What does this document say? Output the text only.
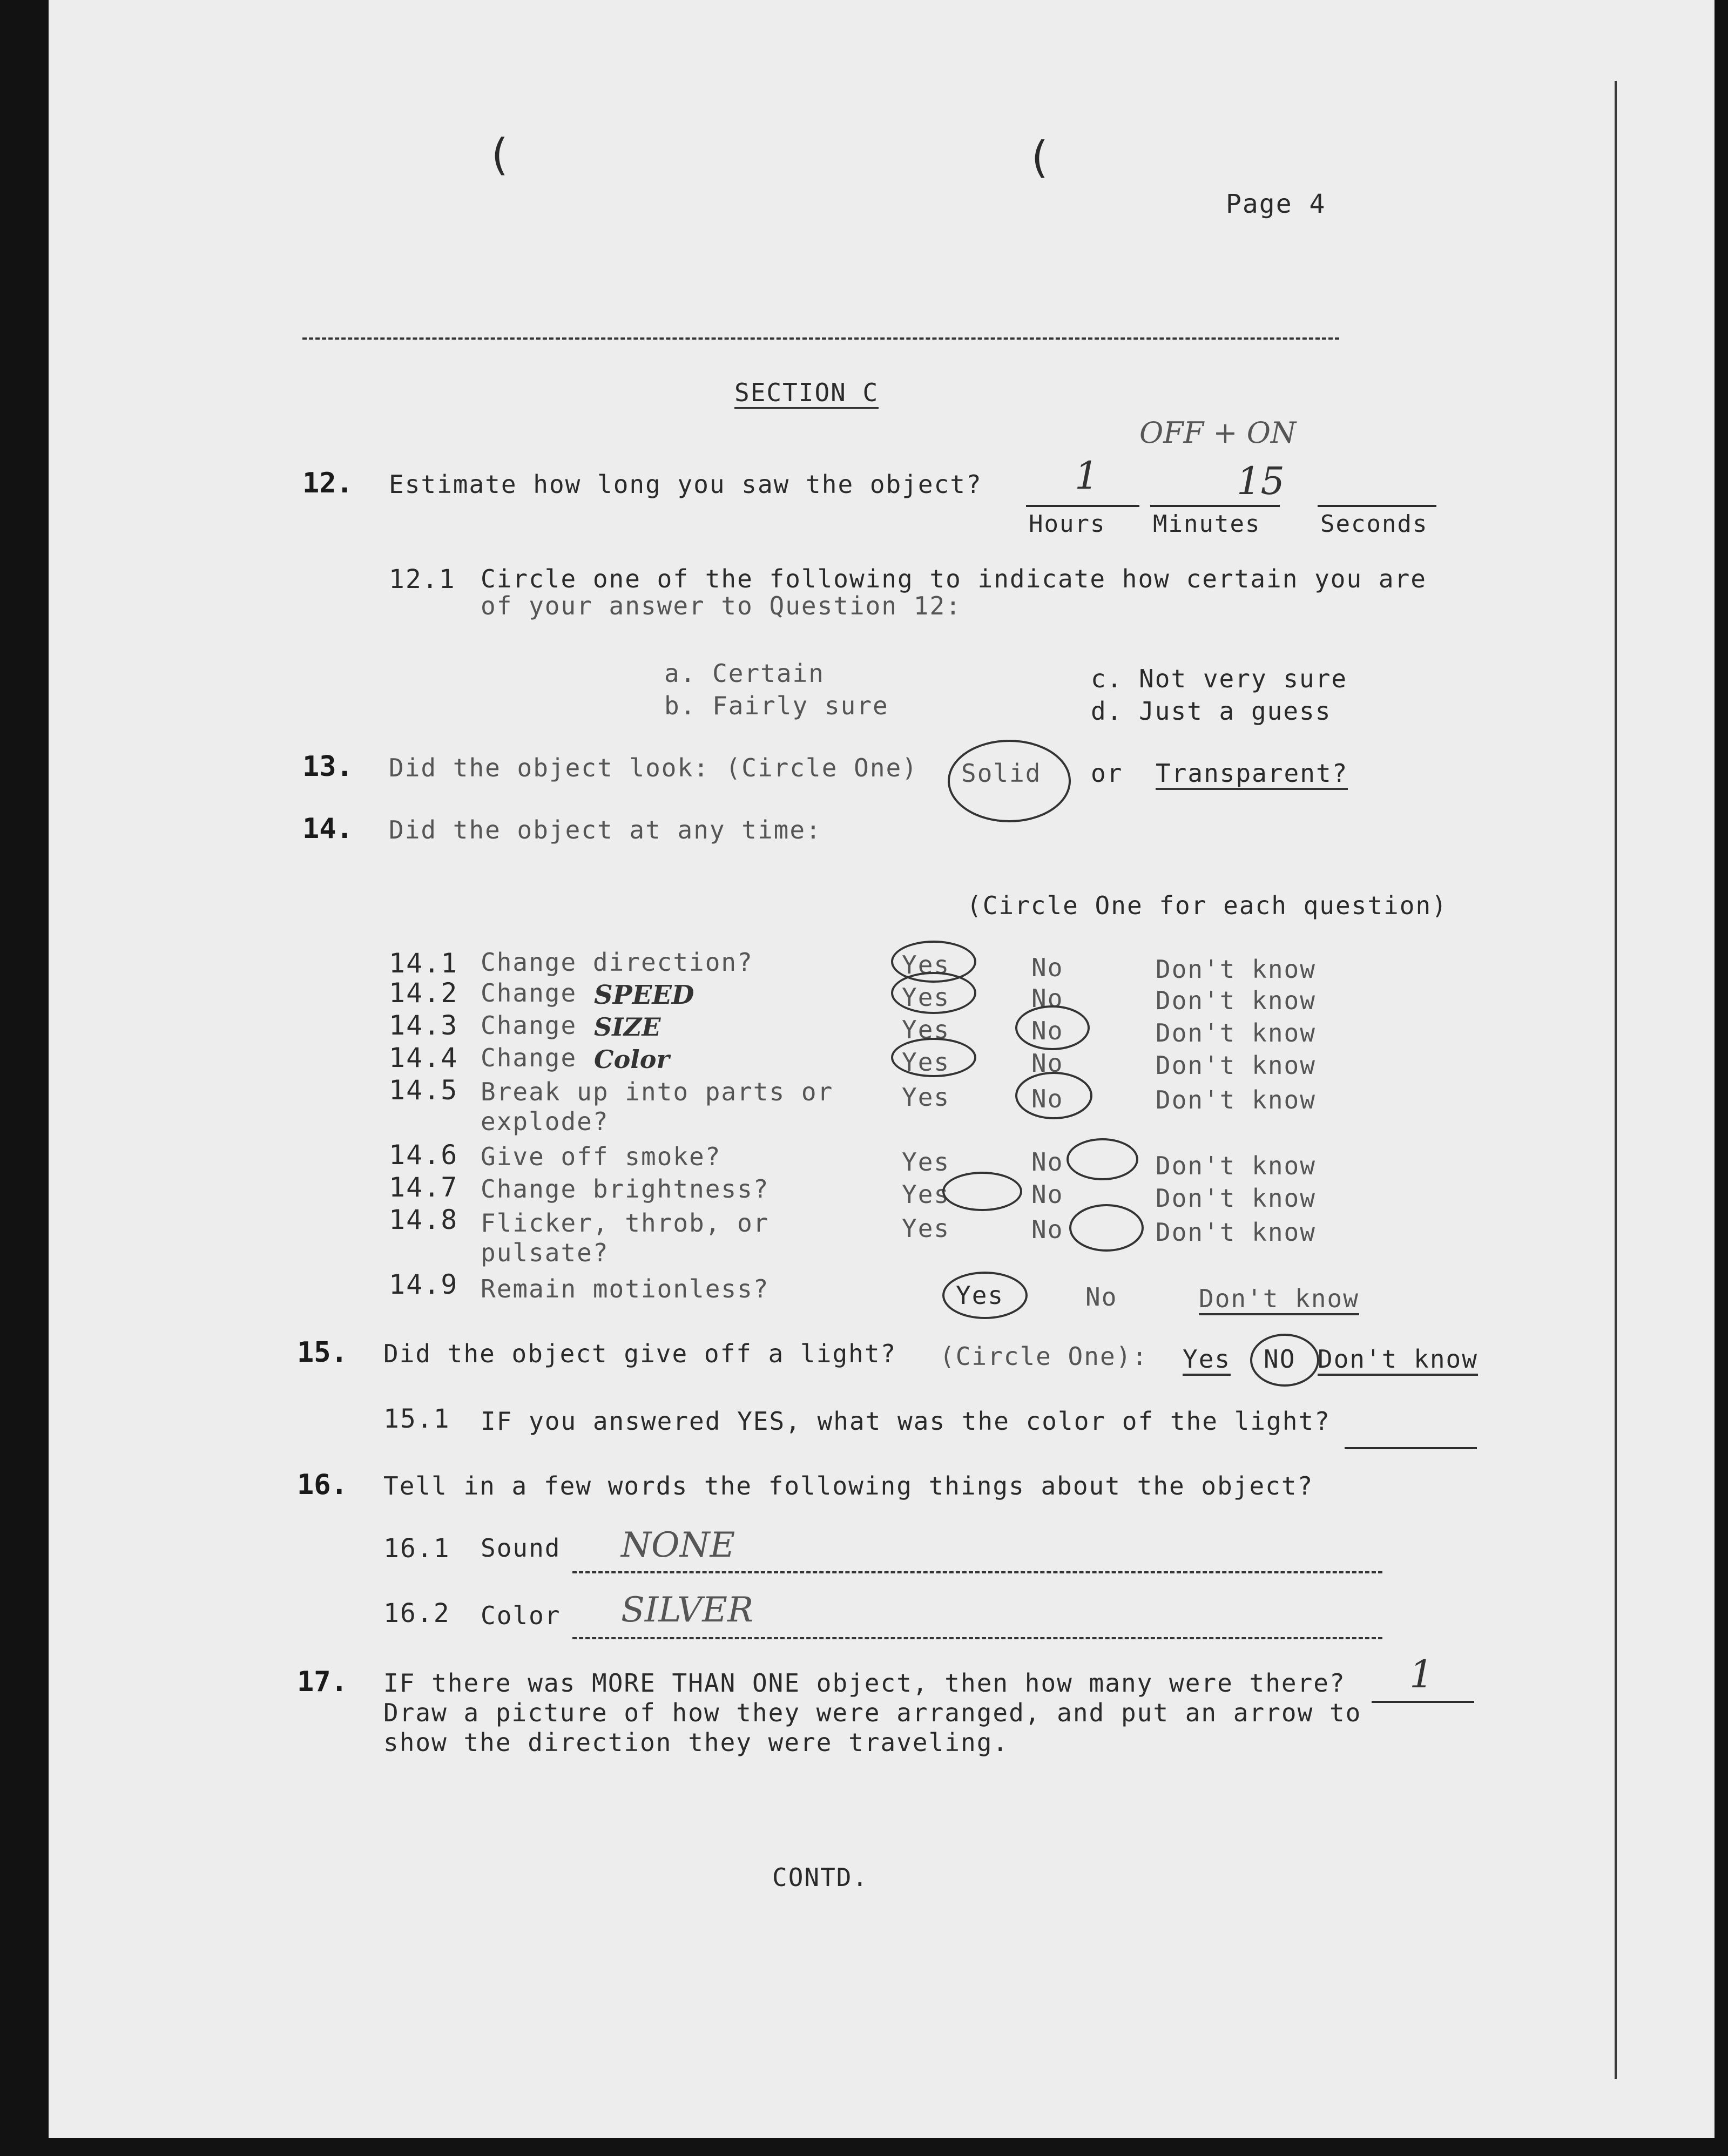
(	(
Page 4
SECTION C
12. Estimate how long you saw the object?
OFF + ON
1	15
Hours Minutes	Seconds
12.1 Circle one of the following to indicate how certain you are
of your answer to Question 12:
a. Certain
b. Fairly sure
c. Not very sure
d. Just a guess
13. Did the object look: (Circle One) Solid or Transparent?
14. Did the object at any time:
(Circle One for each question)
14.1 Change direction?	Yes	No	Don't know
14.2 Change SPEED	Yes	No	Don't know
14.3 Change SIZE	Yes	No	Don't know
14.4 Change Color	Yes	No	Don't know
14.5 Break up into parts or
explode?
Yes	No	Don't know
14.6 Give off smoke?	Yes	No	Don't know
14.7 Change brightness?	Yes	No	Don't know
14.8 Flicker, throb, or
pulsate?
Yes	No	Don't know
14.9 Remain motionless?	Yes	No	Don't know
15. Did the object give off a light? (Circle One): Yes NO Don't know
15.1 IF you answered YES, what was the color of the light?
16. Tell in a few words the following things about the object?
16.1 Sound NONE
16.2 Color SILVER
17. IF there was MORE THAN ONE object, then how many were there?
Draw a picture of how they were arranged, and put an arrow to
show the direction they were traveling.
1
CONTD.
